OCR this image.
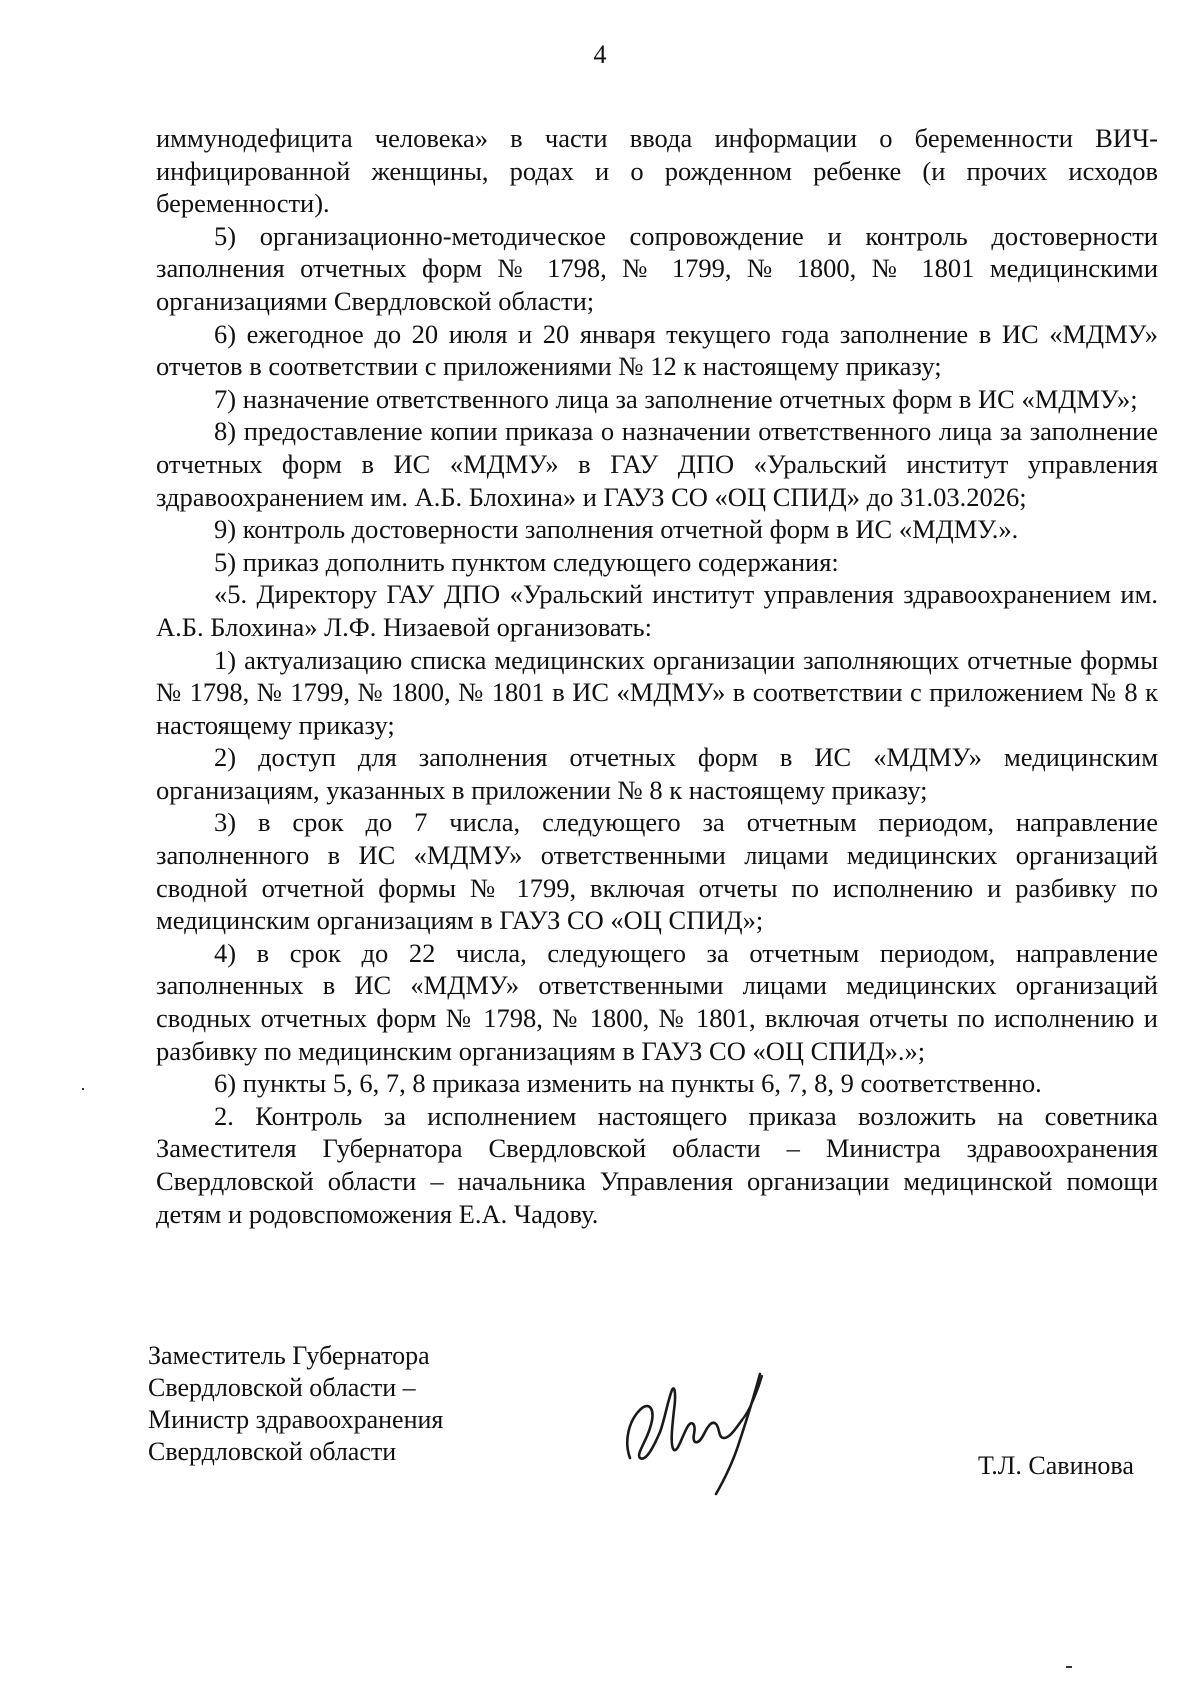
4

иммунодефицита человека» в части ввода информации о беременности ВИЧ-инфицированной женщины, родах и о рожденном ребенке (и прочих исходов беременности).

5) организационно-методическое сопровождение и контроль достоверности заполнения отчетных форм № 1798, № 1799, № 1800, № 1801 медицинскими организациями Свердловской области;

6) ежегодное до 20 июля и 20 января текущего года заполнение в ИС «МДМУ» отчетов в соответствии с приложениями № 12 к настоящему приказу;

7) назначение ответственного лица за заполнение отчетных форм в ИС «МДМУ»;

8) предоставление копии приказа о назначении ответственного лица за заполнение отчетных форм в ИС «МДМУ» в ГАУ ДПО «Уральский институт управления здравоохранением им. А.Б. Блохина» и ГАУЗ СО «ОЦ СПИД» до 31.03.2026;

9) контроль достоверности заполнения отчетной форм в ИС «МДМУ.».

5) приказ дополнить пунктом следующего содержания:

«5. Директору ГАУ ДПО «Уральский институт управления здравоохранением им. А.Б. Блохина» Л.Ф. Низаевой организовать:

1) актуализацию списка медицинских организации заполняющих отчетные формы № 1798, № 1799, № 1800, № 1801 в ИС «МДМУ» в соответствии с приложением № 8 к настоящему приказу;

2) доступ для заполнения отчетных форм в ИС «МДМУ» медицинским организациям, указанных в приложении № 8 к настоящему приказу;

3) в срок до 7 числа, следующего за отчетным периодом, направление заполненного в ИС «МДМУ» ответственными лицами медицинских организаций сводной отчетной формы № 1799, включая отчеты по исполнению и разбивку по медицинским организациям в ГАУЗ СО «ОЦ СПИД»;

4) в срок до 22 числа, следующего за отчетным периодом, направление заполненных в ИС «МДМУ» ответственными лицами медицинских организаций сводных отчетных форм № 1798, № 1800, № 1801, включая отчеты по исполнению и разбивку по медицинским организациям в ГАУЗ СО «ОЦ СПИД».»;

6) пункты 5, 6, 7, 8 приказа изменить на пункты 6, 7, 8, 9 соответственно.

2. Контроль за исполнением настоящего приказа возложить на советника Заместителя Губернатора Свердловской области – Министра здравоохранения Свердловской области – начальника Управления организации медицинской помощи детям и родовспоможения Е.А. Чадову.

Заместитель Губернатора
Свердловской области –
Министр здравоохранения
Свердловской области	Т.Л. Савинова
